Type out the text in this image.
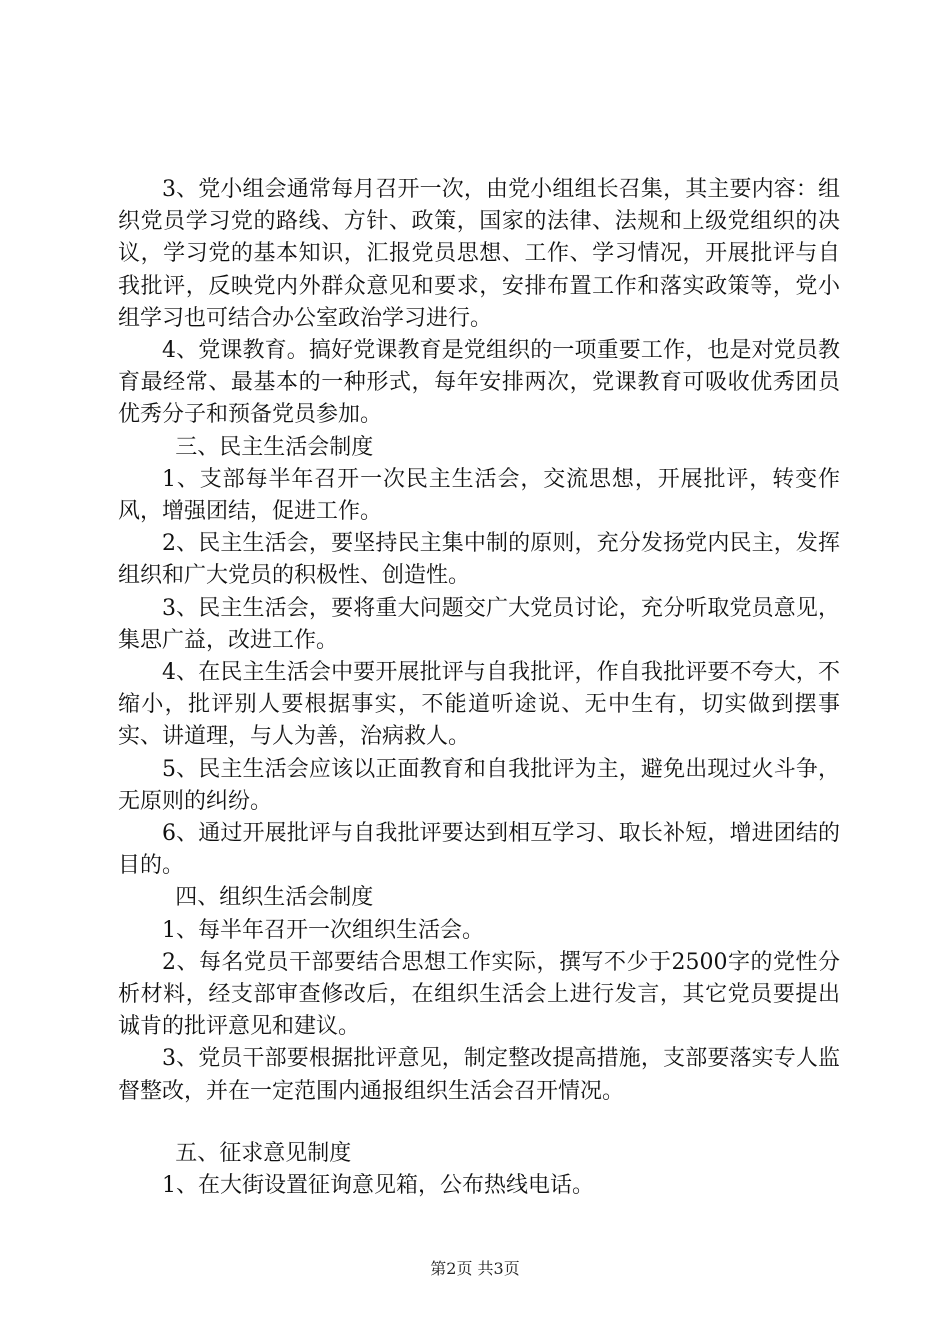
3、党小组会通常每月召开一次，由党小组组长召集，其主要内容：组织党员学习党的路线、方针、政策，国家的法律、法规和上级党组织的决议，学习党的基本知识，汇报党员思想、工作、学习情况，开展批评与自我批评，反映党内外群众意见和要求，安排布置工作和落实政策等，党小组学习也可结合办公室政治学习进行。

4、党课教育。搞好党课教育是党组织的一项重要工作，也是对党员教育最经常、最基本的一种形式，每年安排两次，党课教育可吸收优秀团员优秀分子和预备党员参加。

三、民主生活会制度

1、支部每半年召开一次民主生活会，交流思想，开展批评，转变作风，增强团结，促进工作。

2、民主生活会，要坚持民主集中制的原则，充分发扬党内民主，发挥组织和广大党员的积极性、创造性。

3、民主生活会，要将重大问题交广大党员讨论，充分听取党员意见，集思广益，改进工作。

4、在民主生活会中要开展批评与自我批评，作自我批评要不夸大，不缩小，批评别人要根据事实，不能道听途说、无中生有，切实做到摆事实、讲道理，与人为善，治病救人。

5、民主生活会应该以正面教育和自我批评为主，避免出现过火斗争，无原则的纠纷。

6、通过开展批评与自我批评要达到相互学习、取长补短，增进团结的目的。

四、组织生活会制度

1、每半年召开一次组织生活会。

2、每名党员干部要结合思想工作实际，撰写不少于2500字的党性分析材料，经支部审查修改后，在组织生活会上进行发言，其它党员要提出诚肯的批评意见和建议。

3、党员干部要根据批评意见，制定整改提高措施，支部要落实专人监督整改，并在一定范围内通报组织生活会召开情况。

五、征求意见制度

1、在大街设置征询意见箱，公布热线电话。

第2页 共3页
